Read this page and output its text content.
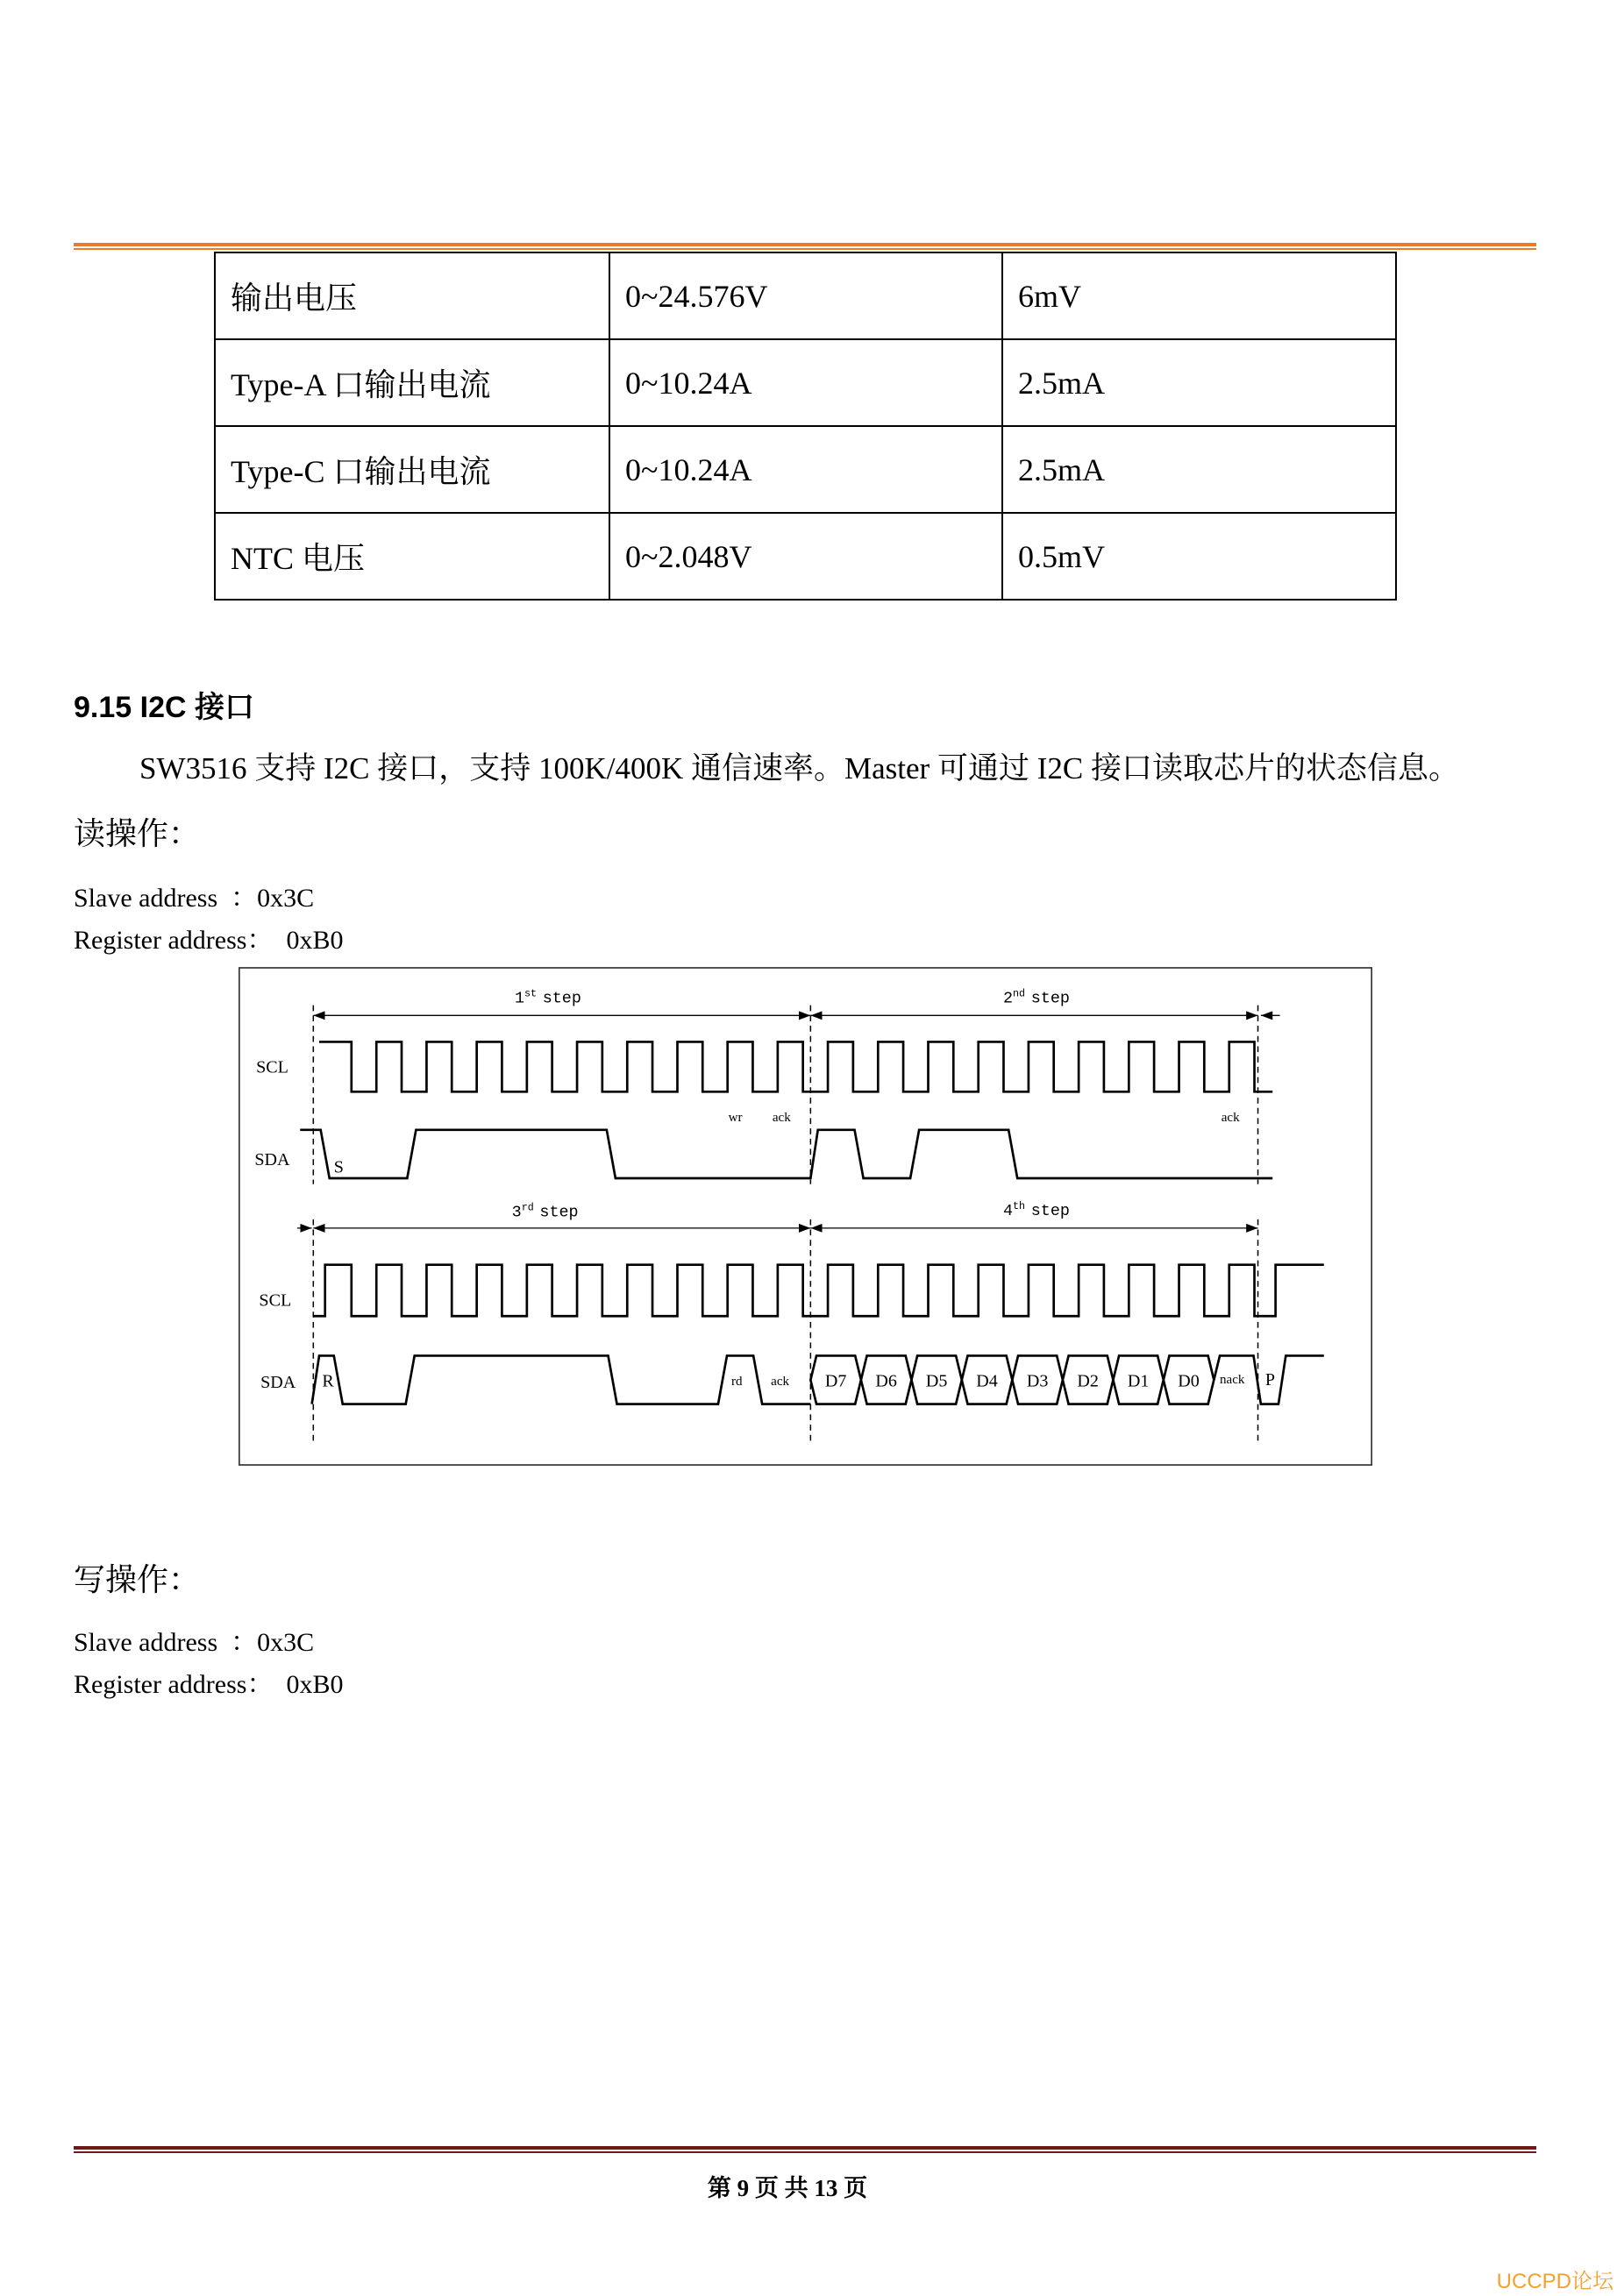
输出电压	0~24.576V	6mV
Type-A 口输出电流	0~10.24A	2.5mA
Type-C 口输出电流	0~10.24A	2.5mA
NTC 电压	0~2.048V	0.5mV
9.15 I2C 接口
SW3516 支持 I2C 接口，支持 100K/400K 通信速率。Master 可通过 I2C 接口读取芯片的状态信息。
读操作：
Slave address  ：0x3C
Register address：  0xB0
1st step	2nd step
SCL
SDA	S
wr	ack	ack
3rd step	4th step
SCL
SDA	R	rd	ack	D7	D6	D5	D4	D3	D2	D1	D0	nack P
写操作：
Slave address  ：0x3C
Register address：  0xB0
第 9 页 共 13 页
UCCPD论坛
